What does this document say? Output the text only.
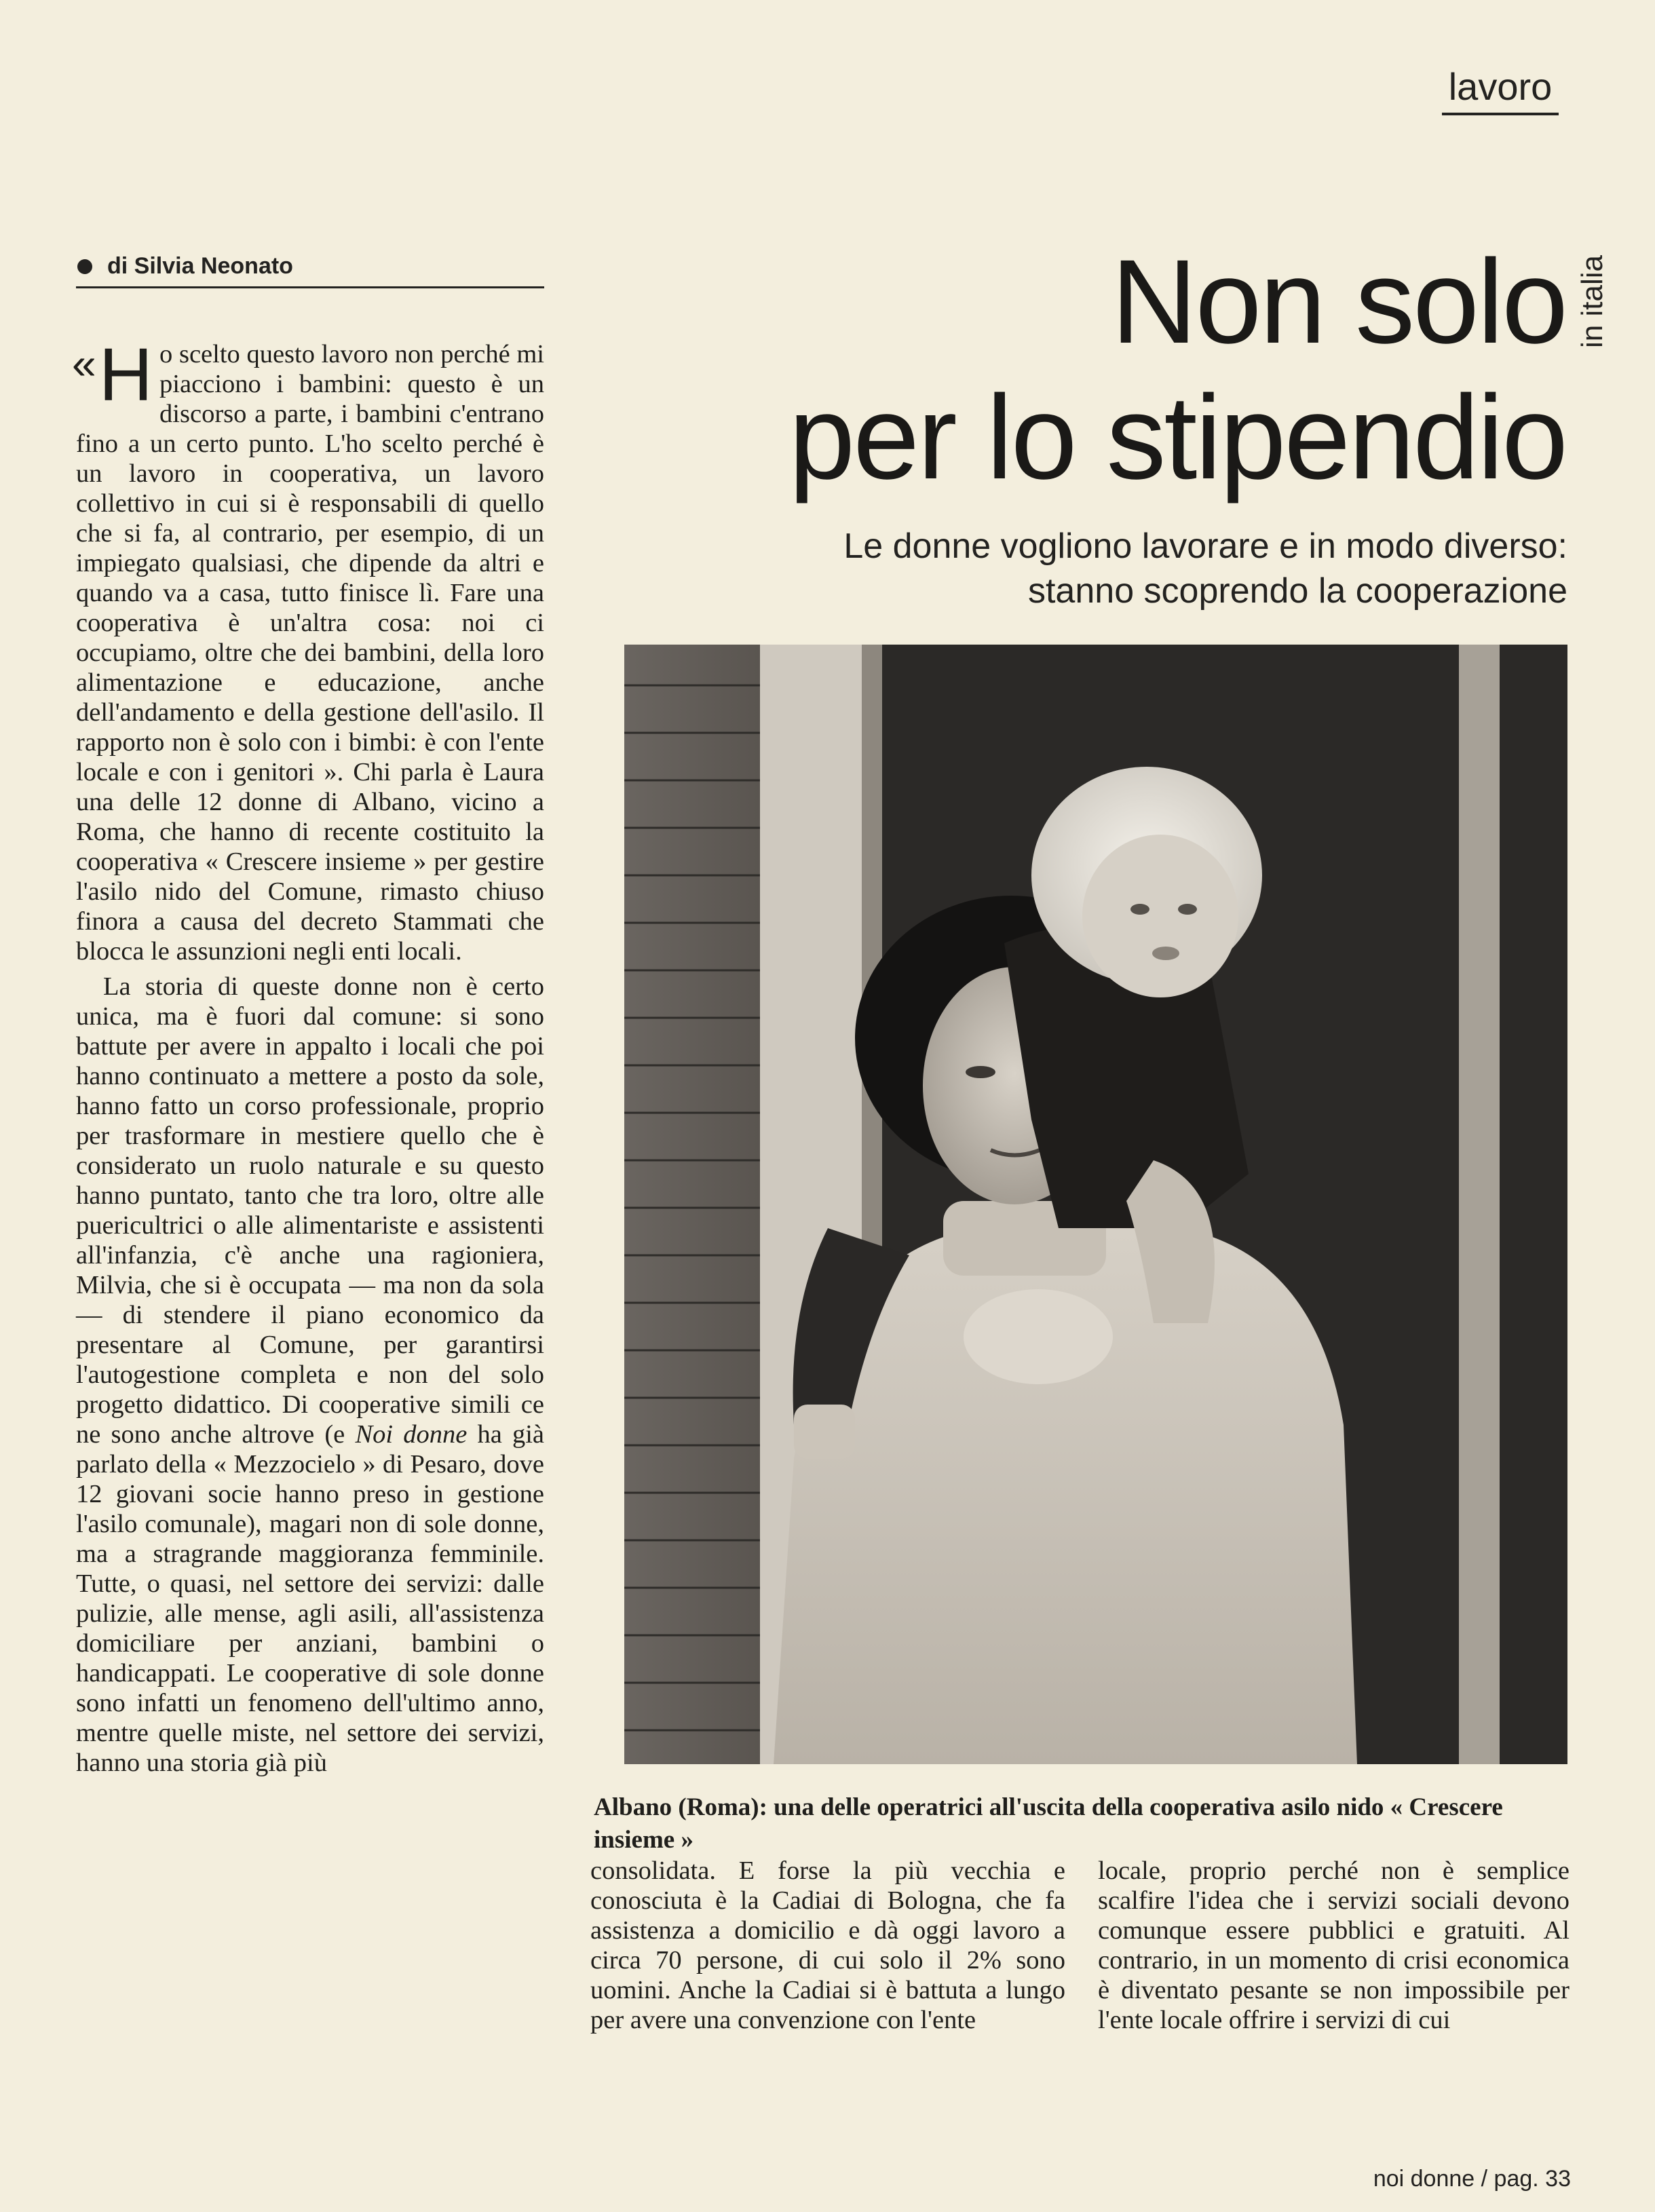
lavoro
di Silvia Neonato	Non solo
per lo stipendio
in italia
Le donne vogliono lavorare e in modo diverso:
stanno scoprendo la cooperazione
Albano (Roma): una delle operatrici all'uscita della cooperativa asilo nido « Crescere insieme »

«H o scelto questo lavoro non perché mi piacciono i bambini: questo è un discorso a parte, i bambini c'entrano fino a un certo punto. L'ho scelto perché è un lavoro in cooperativa, un lavoro collettivo in cui si è responsabili di quello che si fa, al contrario, per esempio, di un impiegato qualsiasi, che dipende da altri e quando va a casa, tutto finisce lì. Fare una cooperativa è un'altra cosa: noi ci occupiamo, oltre che dei bambini, della loro alimentazione e educazione, anche dell'andamento e della gestione dell'asilo. Il rapporto non è solo con i bimbi: è con l'ente locale e con i genitori ». Chi parla è Laura una delle 12 donne di Albano, vicino a Roma, che hanno di recente costituito la cooperativa « Crescere insieme » per gestire l'asilo nido del Comune, rimasto chiuso finora a causa del decreto Stammati che blocca le assunzioni negli enti locali.

La storia di queste donne non è certo unica, ma è fuori dal comune: si sono battute per avere in appalto i locali che poi hanno continuato a mettere a posto da sole, hanno fatto un corso professionale, proprio per trasformare in mestiere quello che è considerato un ruolo naturale e su questo hanno puntato, tanto che tra loro, oltre alle puericultrici o alle alimentariste e assistenti all'infanzia, c'è anche una ragioniera, Milvia, che si è occupata — ma non da sola — di stendere il piano economico da presentare al Comune, per garantirsi l'autogestione completa e non del solo progetto didattico. Di cooperative simili ce ne sono anche altrove (e Noi donne ha già parlato della « Mezzocielo » di Pesaro, dove 12 giovani socie hanno preso in gestione l'asilo comunale), magari non di sole donne, ma a stragrande maggioranza femminile. Tutte, o quasi, nel settore dei servizi: dalle pulizie, alle mense, agli asili, all'assistenza domiciliare per anziani, bambini o handicappati. Le cooperative di sole donne sono infatti un fenomeno dell'ultimo anno, mentre quelle miste, nel settore dei servizi, hanno una storia già più

consolidata. E forse la più vecchia e conosciuta è la Cadiai di Bologna, che fa assistenza a domicilio e dà oggi lavoro a circa 70 persone, di cui solo il 2% sono uomini. Anche la Cadiai si è battuta a lungo per avere una convenzione con l'ente

locale, proprio perché non è semplice scalfire l'idea che i servizi sociali devono comunque essere pubblici e gratuiti. Al contrario, in un momento di crisi economica è diventato pesante se non impossibile per l'ente locale offrire i servizi di cui

noi donne / pag. 33
